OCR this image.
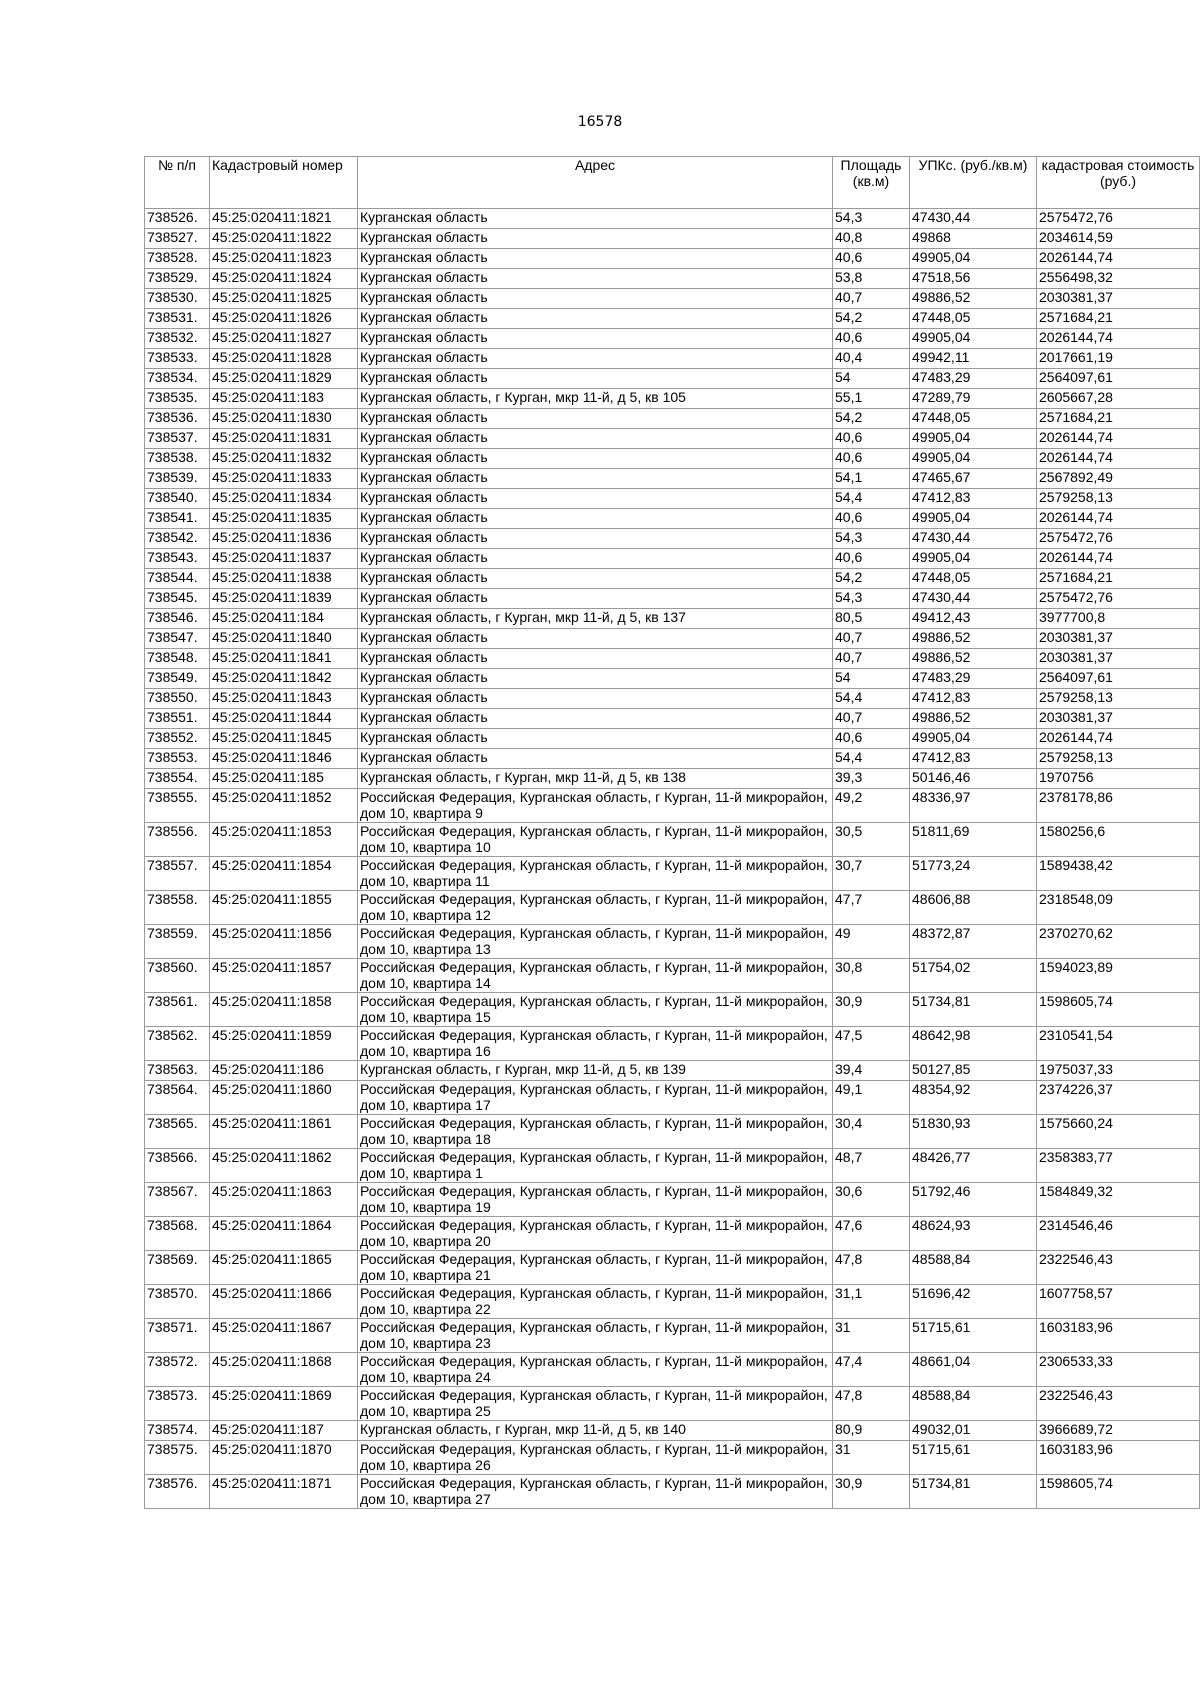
16578
№ п/п	Кадастровый номер	Адрес	Площадь (кв.м)	УПКс. (руб./кв.м)	кадастровая стоимость (руб.)
738526.	45:25:020411:1821	Курганская область	54,3	47430,44	2575472,76
738527.	45:25:020411:1822	Курганская область	40,8	49868	2034614,59
738528.	45:25:020411:1823	Курганская область	40,6	49905,04	2026144,74
738529.	45:25:020411:1824	Курганская область	53,8	47518,56	2556498,32
738530.	45:25:020411:1825	Курганская область	40,7	49886,52	2030381,37
738531.	45:25:020411:1826	Курганская область	54,2	47448,05	2571684,21
738532.	45:25:020411:1827	Курганская область	40,6	49905,04	2026144,74
738533.	45:25:020411:1828	Курганская область	40,4	49942,11	2017661,19
738534.	45:25:020411:1829	Курганская область	54	47483,29	2564097,61
738535.	45:25:020411:183	Курганская область, г Курган, мкр 11-й, д 5, кв 105	55,1	47289,79	2605667,28
738536.	45:25:020411:1830	Курганская область	54,2	47448,05	2571684,21
738537.	45:25:020411:1831	Курганская область	40,6	49905,04	2026144,74
738538.	45:25:020411:1832	Курганская область	40,6	49905,04	2026144,74
738539.	45:25:020411:1833	Курганская область	54,1	47465,67	2567892,49
738540.	45:25:020411:1834	Курганская область	54,4	47412,83	2579258,13
738541.	45:25:020411:1835	Курганская область	40,6	49905,04	2026144,74
738542.	45:25:020411:1836	Курганская область	54,3	47430,44	2575472,76
738543.	45:25:020411:1837	Курганская область	40,6	49905,04	2026144,74
738544.	45:25:020411:1838	Курганская область	54,2	47448,05	2571684,21
738545.	45:25:020411:1839	Курганская область	54,3	47430,44	2575472,76
738546.	45:25:020411:184	Курганская область, г Курган, мкр 11-й, д 5, кв 137	80,5	49412,43	3977700,8
738547.	45:25:020411:1840	Курганская область	40,7	49886,52	2030381,37
738548.	45:25:020411:1841	Курганская область	40,7	49886,52	2030381,37
738549.	45:25:020411:1842	Курганская область	54	47483,29	2564097,61
738550.	45:25:020411:1843	Курганская область	54,4	47412,83	2579258,13
738551.	45:25:020411:1844	Курганская область	40,7	49886,52	2030381,37
738552.	45:25:020411:1845	Курганская область	40,6	49905,04	2026144,74
738553.	45:25:020411:1846	Курганская область	54,4	47412,83	2579258,13
738554.	45:25:020411:185	Курганская область, г Курган, мкр 11-й, д 5, кв 138	39,3	50146,46	1970756
738555.	45:25:020411:1852	Российская Федерация, Курганская область, г Курган, 11-й микрорайон, дом 10, квартира 9	49,2	48336,97	2378178,86
738556.	45:25:020411:1853	Российская Федерация, Курганская область, г Курган, 11-й микрорайон, дом 10, квартира 10	30,5	51811,69	1580256,6
738557.	45:25:020411:1854	Российская Федерация, Курганская область, г Курган, 11-й микрорайон, дом 10, квартира 11	30,7	51773,24	1589438,42
738558.	45:25:020411:1855	Российская Федерация, Курганская область, г Курган, 11-й микрорайон, дом 10, квартира 12	47,7	48606,88	2318548,09
738559.	45:25:020411:1856	Российская Федерация, Курганская область, г Курган, 11-й микрорайон, дом 10, квартира 13	49	48372,87	2370270,62
738560.	45:25:020411:1857	Российская Федерация, Курганская область, г Курган, 11-й микрорайон, дом 10, квартира 14	30,8	51754,02	1594023,89
738561.	45:25:020411:1858	Российская Федерация, Курганская область, г Курган, 11-й микрорайон, дом 10, квартира 15	30,9	51734,81	1598605,74
738562.	45:25:020411:1859	Российская Федерация, Курганская область, г Курган, 11-й микрорайон, дом 10, квартира 16	47,5	48642,98	2310541,54
738563.	45:25:020411:186	Курганская область, г Курган, мкр 11-й, д 5, кв 139	39,4	50127,85	1975037,33
738564.	45:25:020411:1860	Российская Федерация, Курганская область, г Курган, 11-й микрорайон, дом 10, квартира 17	49,1	48354,92	2374226,37
738565.	45:25:020411:1861	Российская Федерация, Курганская область, г Курган, 11-й микрорайон, дом 10, квартира 18	30,4	51830,93	1575660,24
738566.	45:25:020411:1862	Российская Федерация, Курганская область, г Курган, 11-й микрорайон, дом 10, квартира 1	48,7	48426,77	2358383,77
738567.	45:25:020411:1863	Российская Федерация, Курганская область, г Курган, 11-й микрорайон, дом 10, квартира 19	30,6	51792,46	1584849,32
738568.	45:25:020411:1864	Российская Федерация, Курганская область, г Курган, 11-й микрорайон, дом 10, квартира 20	47,6	48624,93	2314546,46
738569.	45:25:020411:1865	Российская Федерация, Курганская область, г Курган, 11-й микрорайон, дом 10, квартира 21	47,8	48588,84	2322546,43
738570.	45:25:020411:1866	Российская Федерация, Курганская область, г Курган, 11-й микрорайон, дом 10, квартира 22	31,1	51696,42	1607758,57
738571.	45:25:020411:1867	Российская Федерация, Курганская область, г Курган, 11-й микрорайон, дом 10, квартира 23	31	51715,61	1603183,96
738572.	45:25:020411:1868	Российская Федерация, Курганская область, г Курган, 11-й микрорайон, дом 10, квартира 24	47,4	48661,04	2306533,33
738573.	45:25:020411:1869	Российская Федерация, Курганская область, г Курган, 11-й микрорайон, дом 10, квартира 25	47,8	48588,84	2322546,43
738574.	45:25:020411:187	Курганская область, г Курган, мкр 11-й, д 5, кв 140	80,9	49032,01	3966689,72
738575.	45:25:020411:1870	Российская Федерация, Курганская область, г Курган, 11-й микрорайон, дом 10, квартира 26	31	51715,61	1603183,96
738576.	45:25:020411:1871	Российская Федерация, Курганская область, г Курган, 11-й микрорайон, дом 10, квартира 27	30,9	51734,81	1598605,74
